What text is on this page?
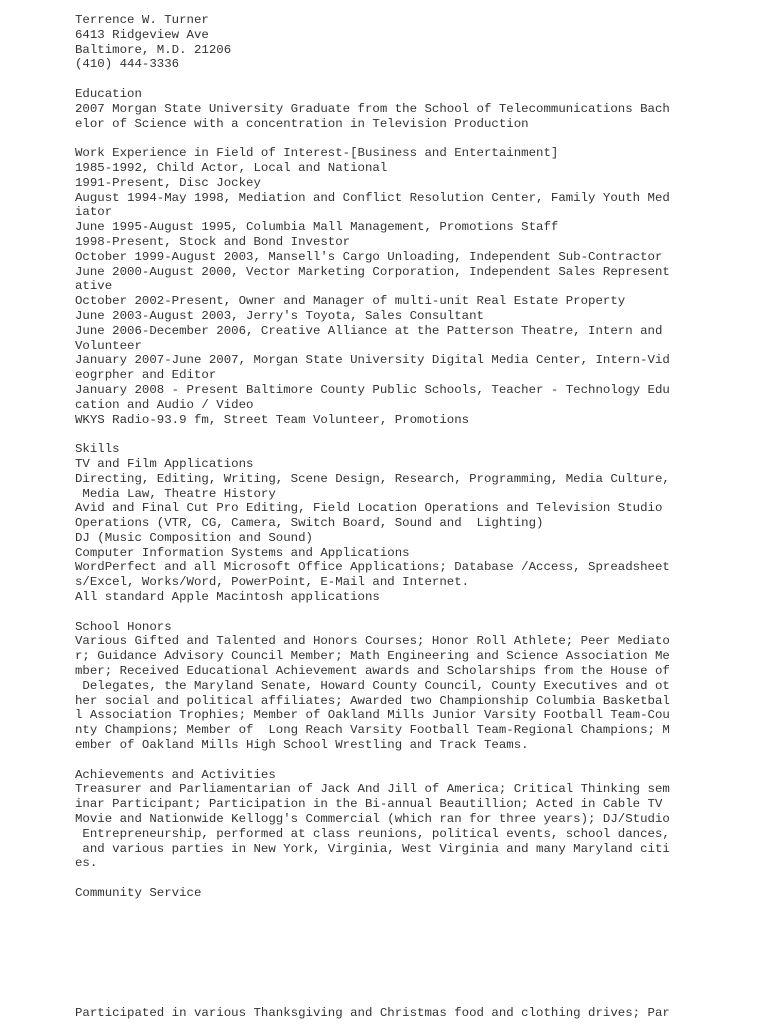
Terrence W. Turner
6413 Ridgeview Ave
Baltimore, M.D. 21206
(410) 444-3336
Education
2007 Morgan State University Graduate from the School of Telecommunications Bach
elor of Science with a concentration in Television Production
Work Experience in Field of Interest-[Business and Entertainment]
1985-1992, Child Actor, Local and National
1991-Present, Disc Jockey
August 1994-May 1998, Mediation and Conflict Resolution Center, Family Youth Med
iator
June 1995-August 1995, Columbia Mall Management, Promotions Staff
1998-Present, Stock and Bond Investor
October 1999-August 2003, Mansell's Cargo Unloading, Independent Sub-Contractor
June 2000-August 2000, Vector Marketing Corporation, Independent Sales Represent
ative
October 2002-Present, Owner and Manager of multi-unit Real Estate Property
June 2003-August 2003, Jerry's Toyota, Sales Consultant
June 2006-December 2006, Creative Alliance at the Patterson Theatre, Intern and
Volunteer
January 2007-June 2007, Morgan State University Digital Media Center, Intern-Vid
eogrpher and Editor
January 2008 - Present Baltimore County Public Schools, Teacher - Technology Edu
cation and Audio / Video
WKYS Radio-93.9 fm, Street Team Volunteer, Promotions
Skills
TV and Film Applications
Directing, Editing, Writing, Scene Design, Research, Programming, Media Culture,
Media Law, Theatre History
Avid and Final Cut Pro Editing, Field Location Operations and Television Studio
Operations (VTR, CG, Camera, Switch Board, Sound and  Lighting)
DJ (Music Composition and Sound)
Computer Information Systems and Applications
WordPerfect and all Microsoft Office Applications; Database /Access, Spreadsheet
s/Excel, Works/Word, PowerPoint, E-Mail and Internet.
All standard Apple Macintosh applications
School Honors
Various Gifted and Talented and Honors Courses; Honor Roll Athlete; Peer Mediato
r; Guidance Advisory Council Member; Math Engineering and Science Association Me
mber; Received Educational Achievement awards and Scholarships from the House of
Delegates, the Maryland Senate, Howard County Council, County Executives and ot
her social and political affiliates; Awarded two Championship Columbia Basketbal
l Association Trophies; Member of Oakland Mills Junior Varsity Football Team-Cou
nty Champions; Member of  Long Reach Varsity Football Team-Regional Champions; M
ember of Oakland Mills High School Wrestling and Track Teams.
Achievements and Activities
Treasurer and Parliamentarian of Jack And Jill of America; Critical Thinking sem
inar Participant; Participation in the Bi-annual Beautillion; Acted in Cable TV
Movie and Nationwide Kellogg's Commercial (which ran for three years); DJ/Studio
Entrepreneurship, performed at class reunions, political events, school dances,
and various parties in New York, Virginia, West Virginia and many Maryland citi
es.
Community Service
Participated in various Thanksgiving and Christmas food and clothing drives; Par
